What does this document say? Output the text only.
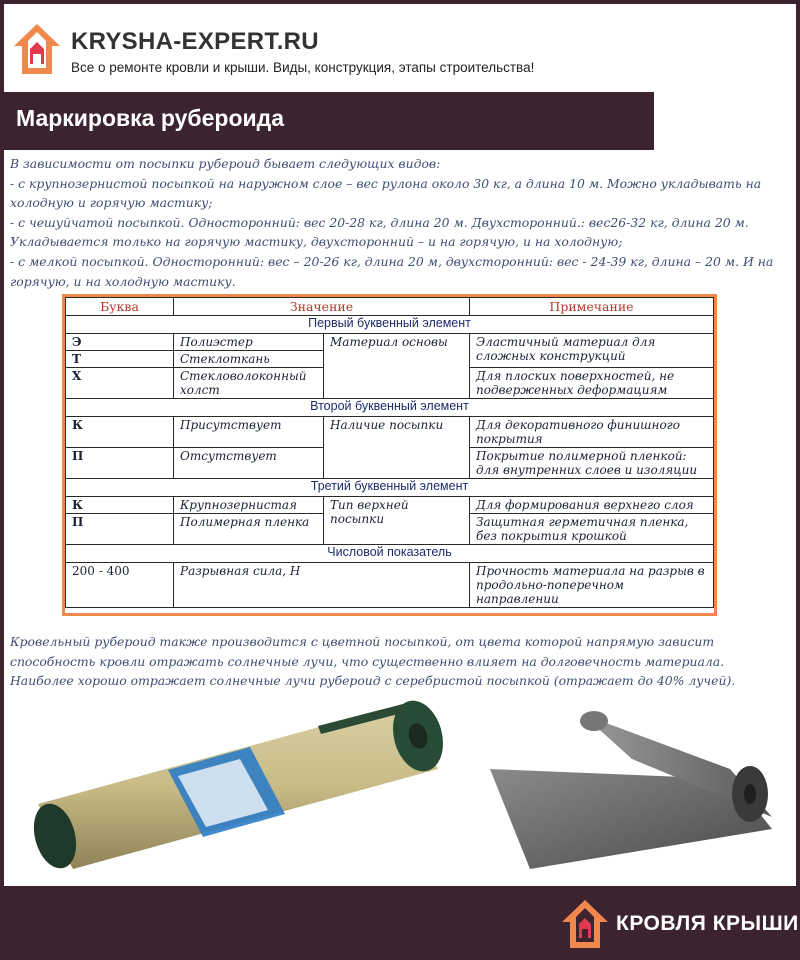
KRYSHA-EXPERT.RU
Все о ремонте кровли и крыши. Виды, конструкция, этапы строительства!
Маркировка рубероида

В зависимости от посыпки рубероид бывает следующих видов:

- с крупнозернистой посыпкой на наружном слое – вес рулона около 30 кг, а длина 10 м. Можно укладывать на

холодную и горячую мастику;

- с чешуйчатой посыпкой. Односторонний: вес 20-28 кг, длина 20 м. Двухсторонний.: вес26-32 кг, длина 20 м.

Укладывается только на горячую мастику, двухсторонний – и на горячую, и на холодную;

- с мелкой посыпкой. Односторонний: вес – 20-26 кг, длина 20 м, двухсторонний: вес - 24-39 кг, длина – 20 м. И на

горячую, и на холодную мастику.

Буква	Значение		Примечание
Первый буквенный элемент			
Э	Полиэстер	Материал основы	Эластичный материал для сложных конструкций
Т	Стеклоткань		
Х	Стекловолоконный холст		Для плоских поверхностей, не подверженных деформациям
Второй буквенный элемент			
К	Присутствует	Наличие посыпки	Для декоративного финишного покрытия
П	Отсутствует		Покрытие полимерной пленкой: для внутренних слоев и изоляции
Третий буквенный элемент			
К	Крупнозернистая	Тип верхней посыпки	Для формирования верхнего слоя
П	Полимерная пленка		Защитная герметичная пленка, без покрытия крошкой
Числовой показатель			
200 - 400	Разрывная сила, Н		Прочность материала на разрыв в продольно-поперечном направлении

Кровельный рубероид также производится с цветной посыпкой, от цвета которой напрямую зависит

способность кровли отражать солнечные лучи, что существенно влияет на долговечность материала.

Наиболее хорошо отражает солнечные лучи рубероид с серебристой посыпкой (отражает до 40% лучей).

КРОВЛЯ КРЫШИ
